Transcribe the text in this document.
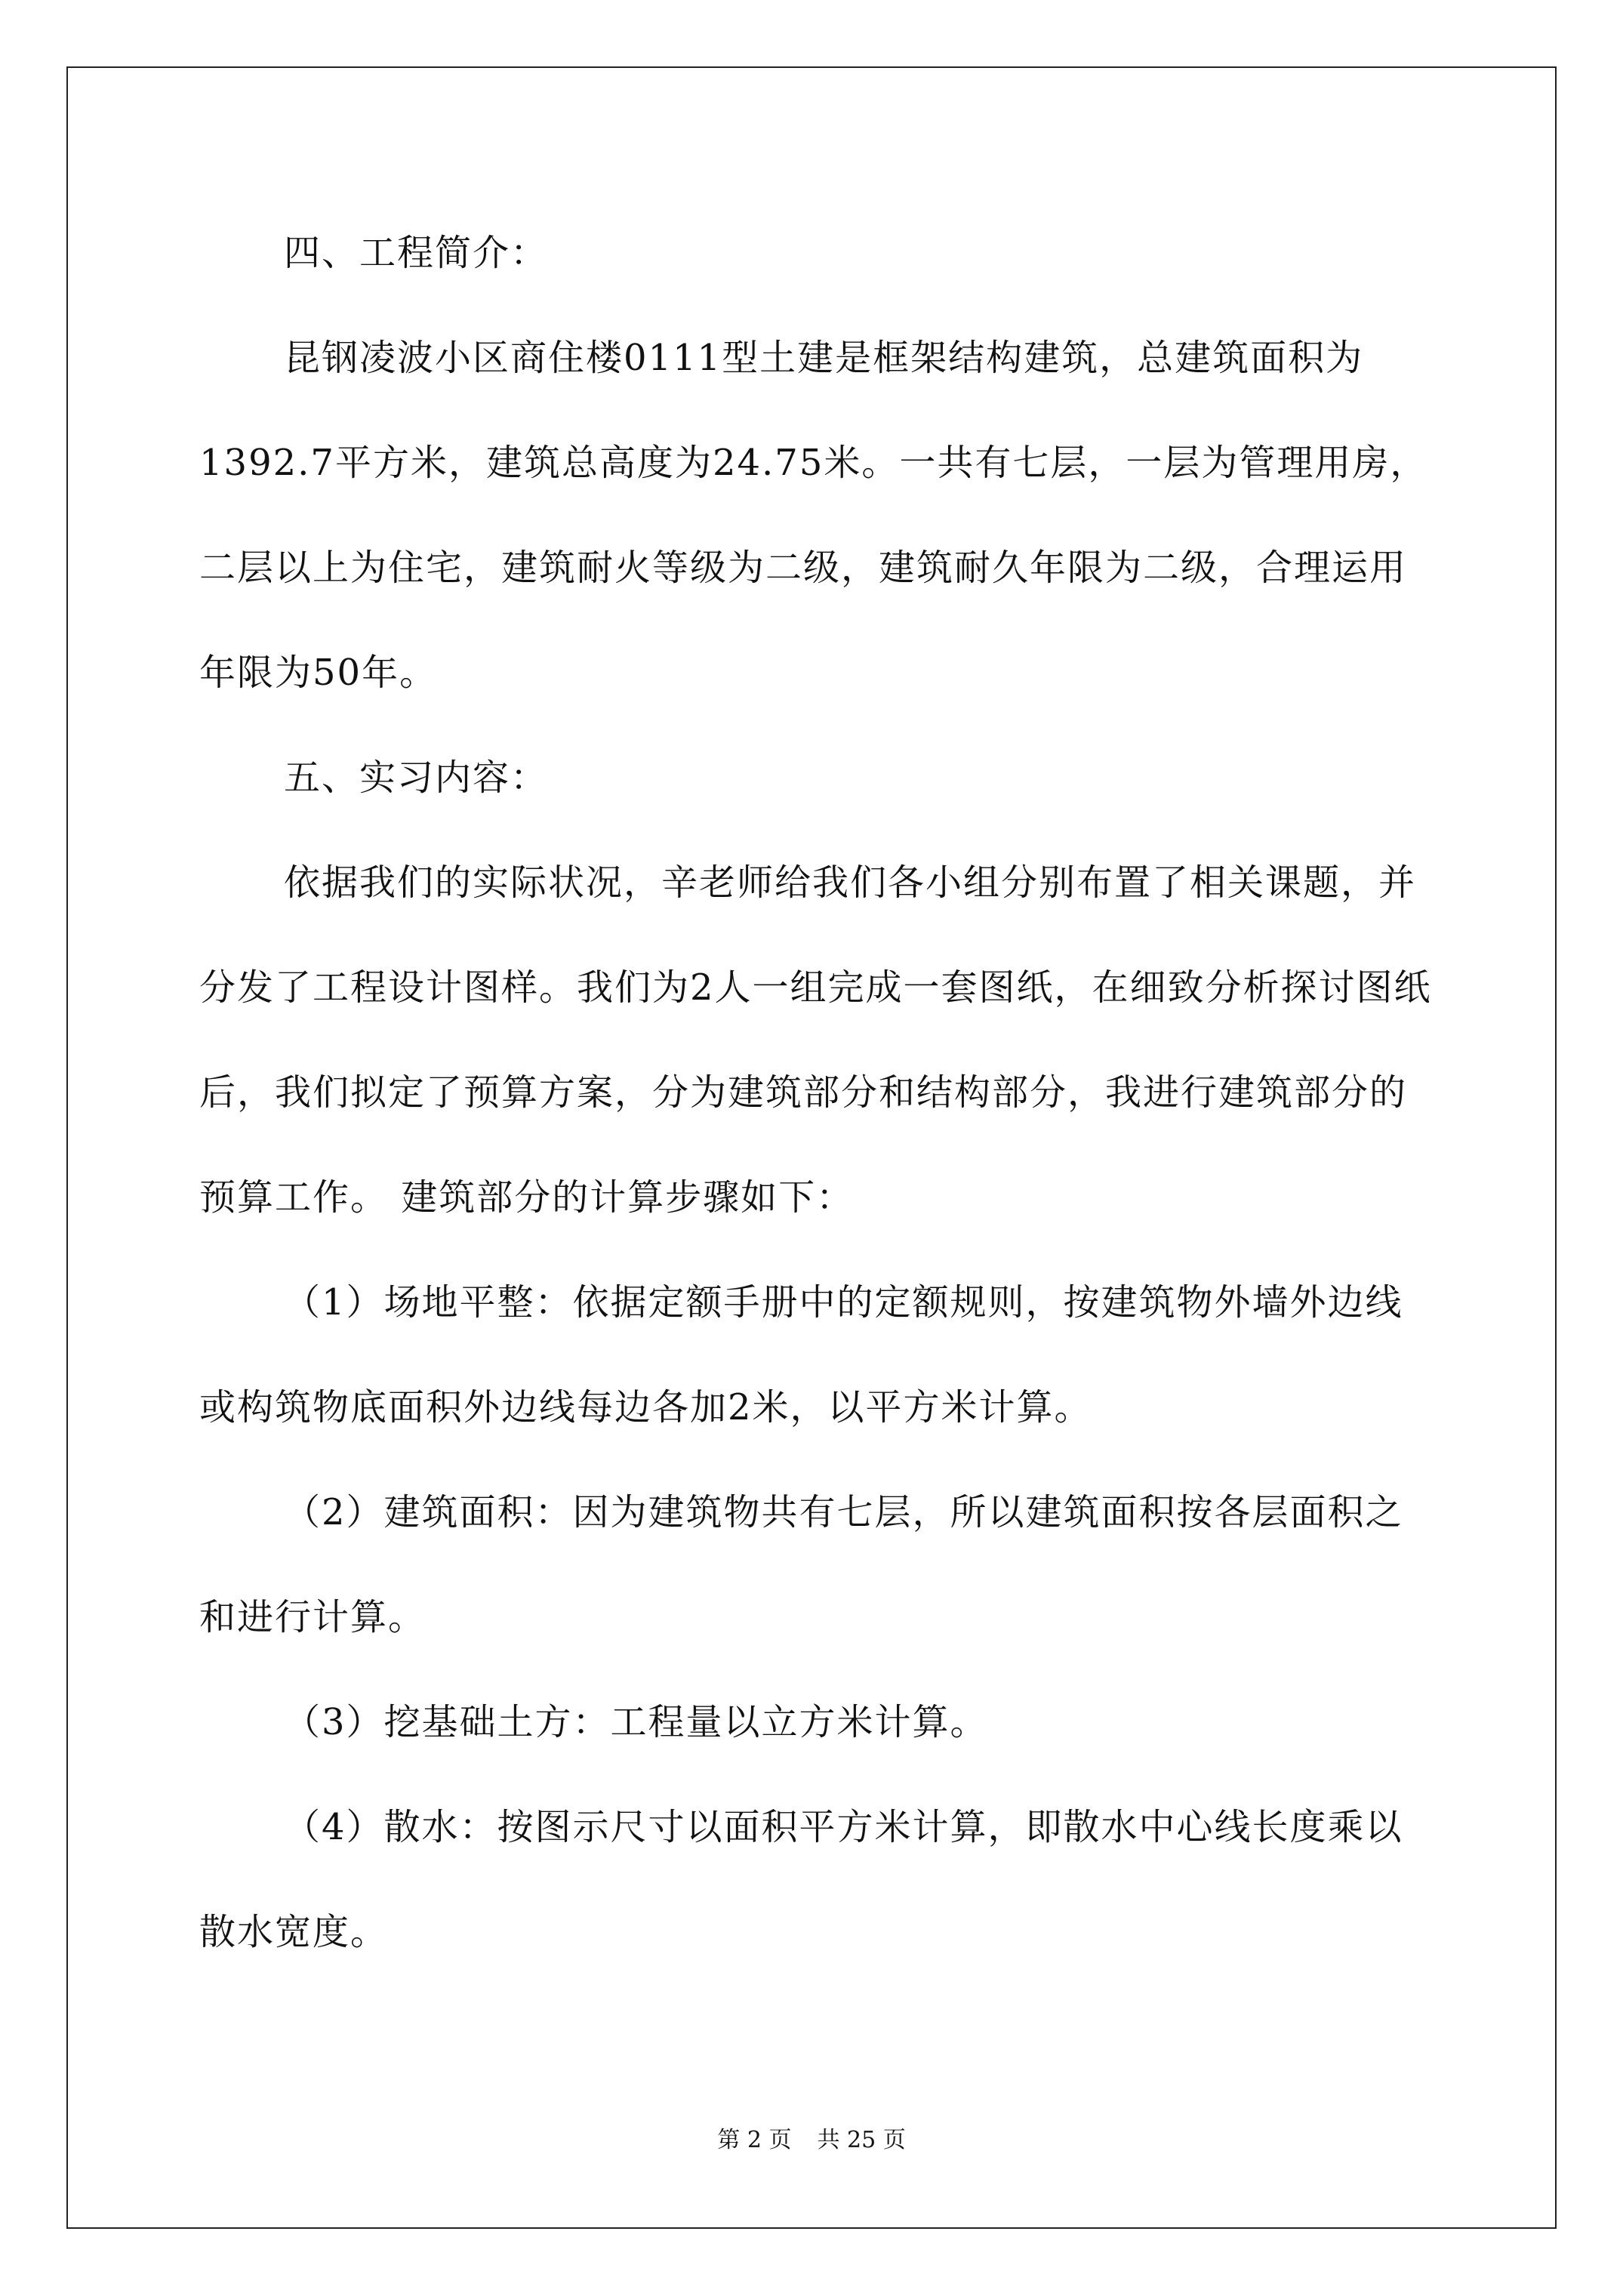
四、工程简介：

昆钢凌波小区商住楼0111型土建是框架结构建筑，总建筑面积为1392.7平方米，建筑总高度为24.75米。一共有七层，一层为管理用房，二层以上为住宅，建筑耐火等级为二级，建筑耐久年限为二级，合理运用年限为50年。

五、实习内容：

依据我们的实际状况，辛老师给我们各小组分别布置了相关课题，并分发了工程设计图样。我们为2人一组完成一套图纸，在细致分析探讨图纸后，我们拟定了预算方案，分为建筑部分和结构部分，我进行建筑部分的预算工作。 建筑部分的计算步骤如下：

（1）场地平整：依据定额手册中的定额规则，按建筑物外墙外边线或构筑物底面积外边线每边各加2米，以平方米计算。

（2）建筑面积：因为建筑物共有七层，所以建筑面积按各层面积之和进行计算。

（3）挖基础土方：工程量以立方米计算。

（4）散水：按图示尺寸以面积平方米计算，即散水中心线长度乘以散水宽度。

第 2 页 共 25 页
